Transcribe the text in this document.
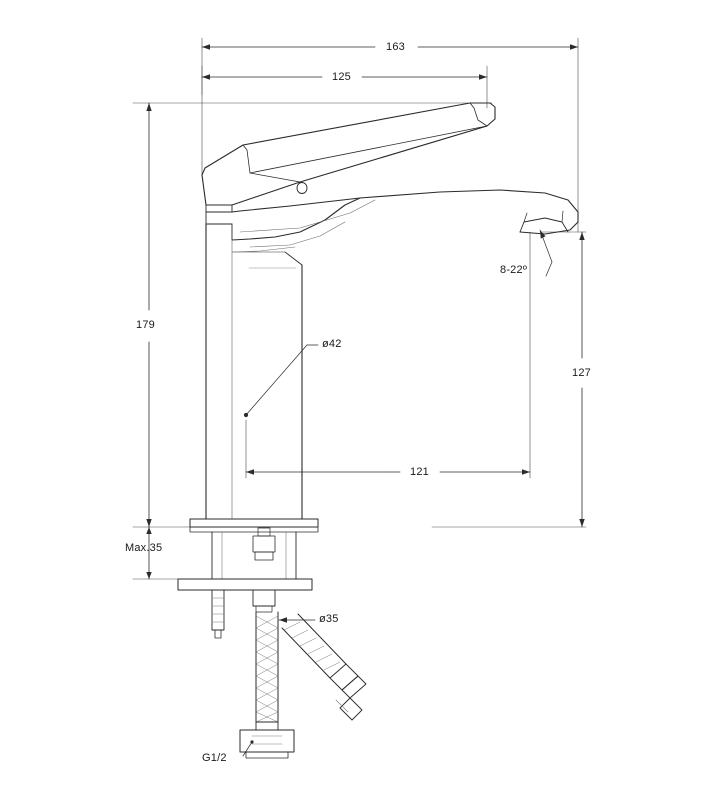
163
125
179
127
121
ø42
ø35
Max.35
8-22º
G1/2
